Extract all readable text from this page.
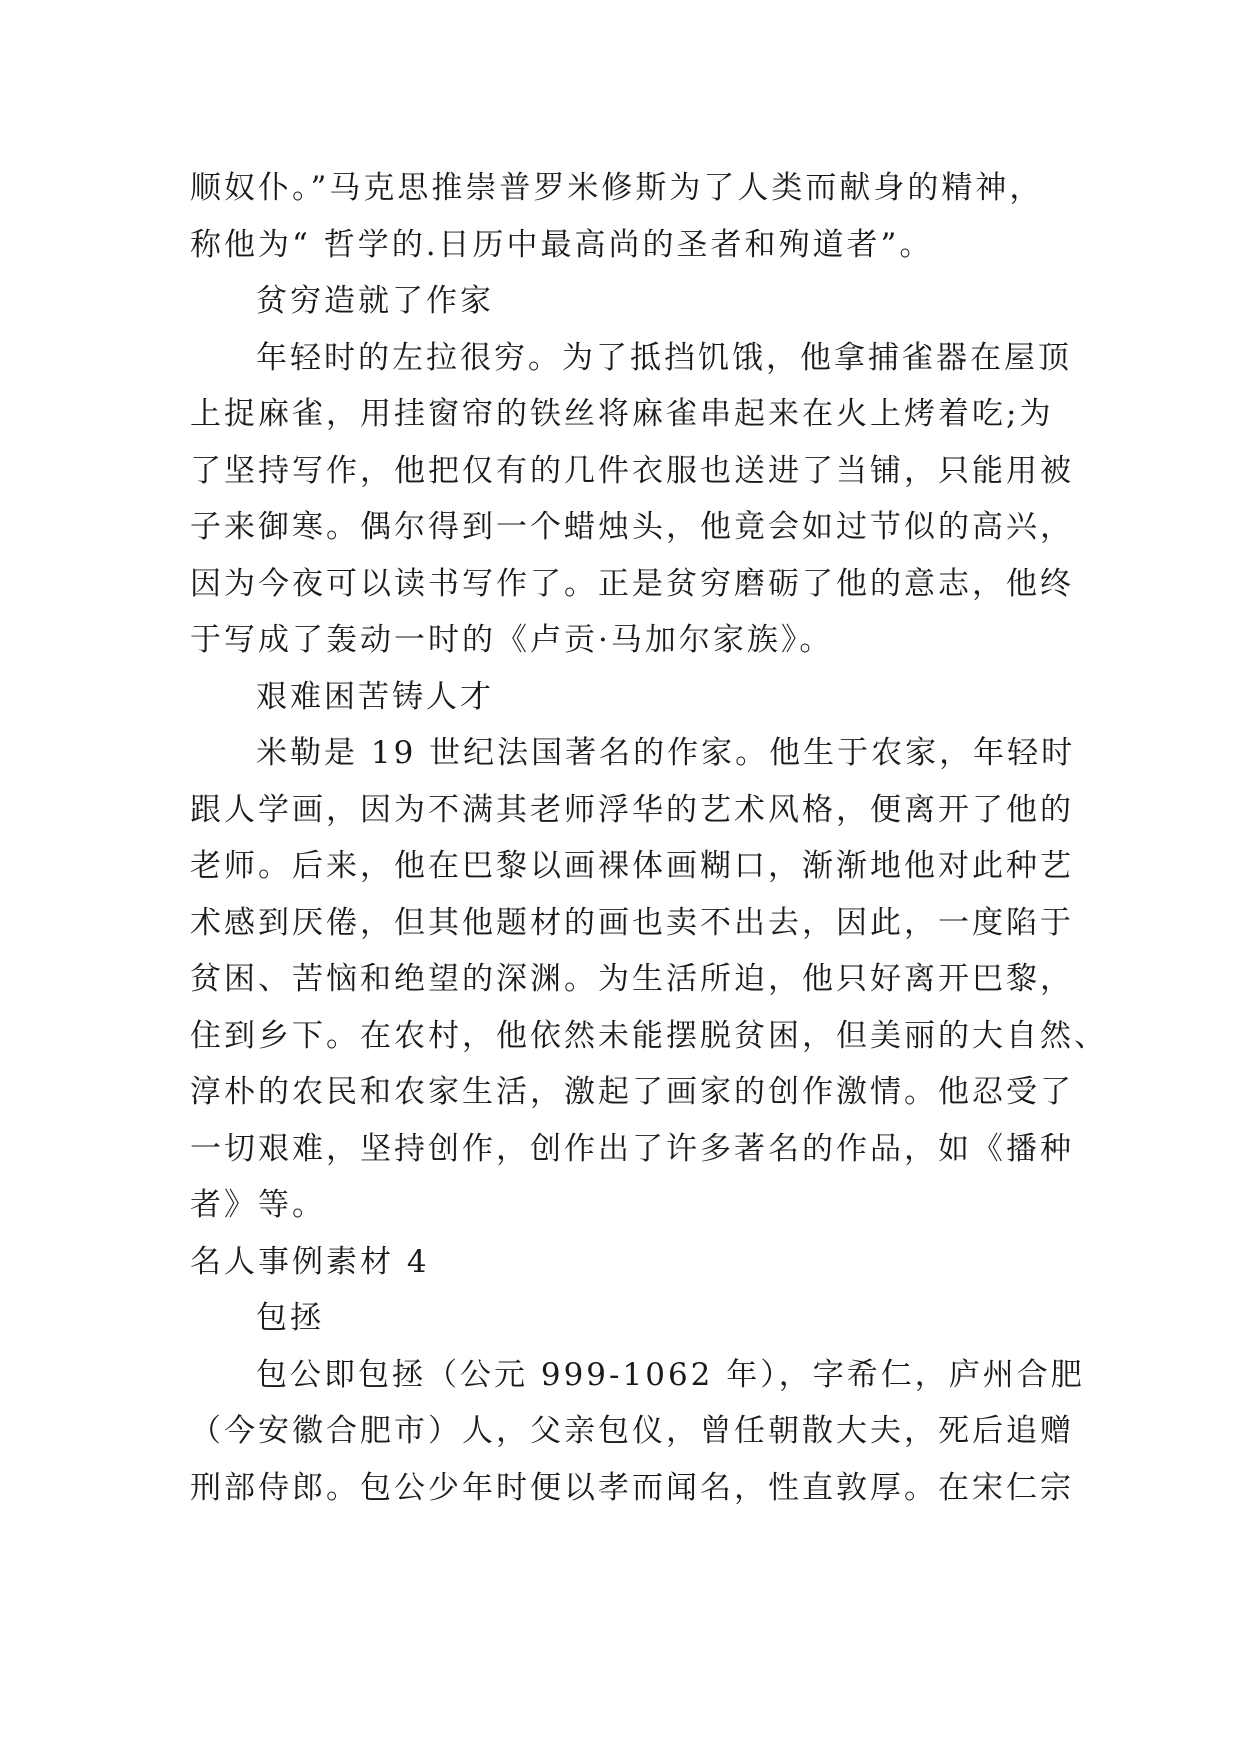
顺奴仆。”马克思推崇普罗米修斯为了人类而献身的精神，
称他为“ 哲学的.日历中最高尚的圣者和殉道者”。
贫穷造就了作家
年轻时的左拉很穷。为了抵挡饥饿，他拿捕雀器在屋顶
上捉麻雀，用挂窗帘的铁丝将麻雀串起来在火上烤着吃;为
了坚持写作，他把仅有的几件衣服也送进了当铺，只能用被
子来御寒。偶尔得到一个蜡烛头，他竟会如过节似的高兴，
因为今夜可以读书写作了。正是贫穷磨砺了他的意志，他终
于写成了轰动一时的《卢贡·马加尔家族》。
艰难困苦铸人才
米勒是 19 世纪法国著名的作家。他生于农家，年轻时
跟人学画，因为不满其老师浮华的艺术风格，便离开了他的
老师。后来，他在巴黎以画裸体画糊口，渐渐地他对此种艺
术感到厌倦，但其他题材的画也卖不出去，因此，一度陷于
贫困、苦恼和绝望的深渊。为生活所迫，他只好离开巴黎，
住到乡下。在农村，他依然未能摆脱贫困，但美丽的大自然、
淳朴的农民和农家生活，激起了画家的创作激情。他忍受了
一切艰难，坚持创作，创作出了许多著名的作品，如《播种
者》等。
名人事例素材 4
包拯
包公即包拯（公元 999-1062 年），字希仁，庐州合肥
（今安徽合肥市）人，父亲包仪，曾任朝散大夫，死后追赠
刑部侍郎。包公少年时便以孝而闻名，性直敦厚。在宋仁宗
